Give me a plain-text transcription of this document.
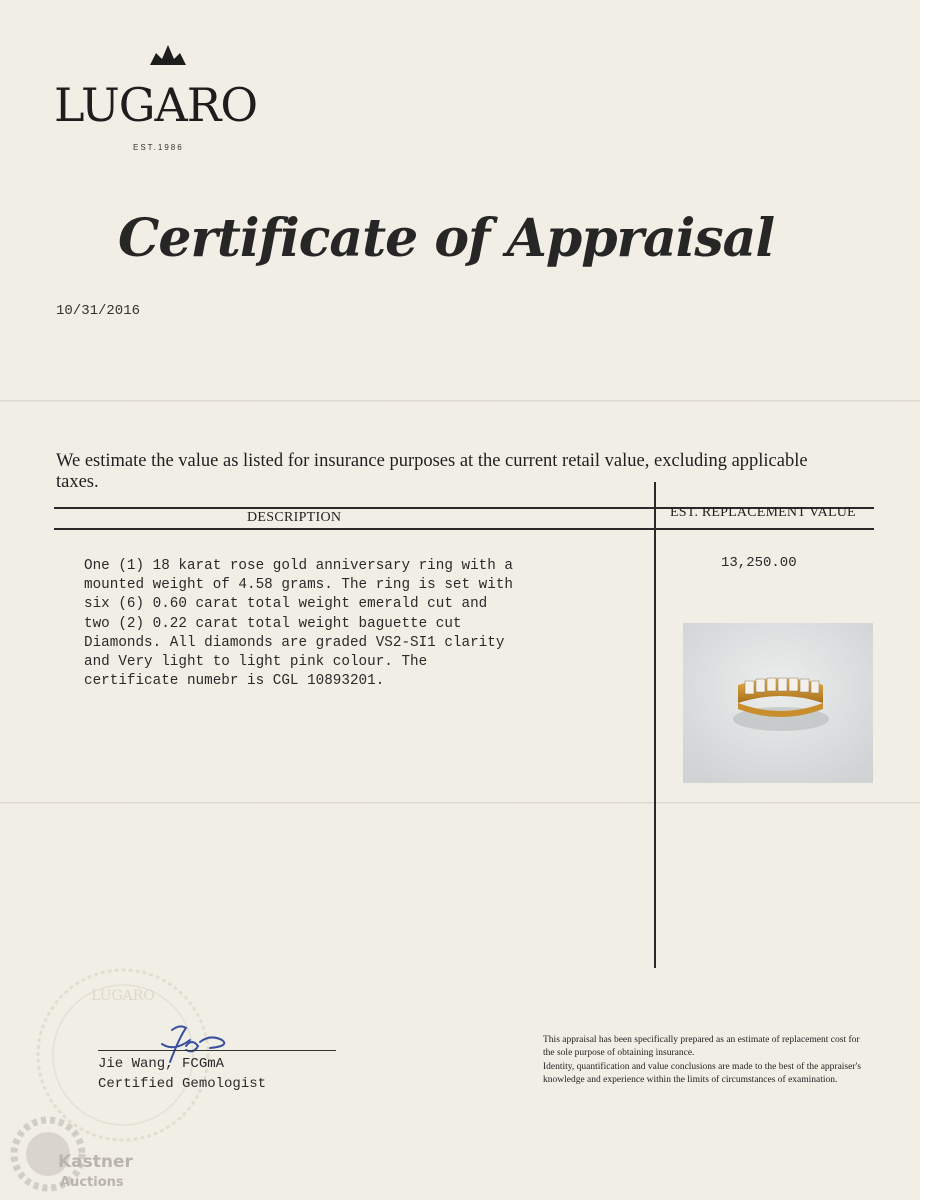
LUGARO
EST.1986
Certificate of Appraisal
10/31/2016
We estimate the value as listed for insurance purposes at the current retail value, excluding applicable taxes.
DESCRIPTION	EST. REPLACEMENT VALUE
One (1) 18 karat rose gold anniversary ring with a
mounted weight of 4.58 grams. The ring is set with
six (6) 0.60 carat total weight emerald cut and
two (2) 0.22 carat total weight baguette cut
Diamonds. All diamonds are graded VS2-SI1 clarity
and Very light to light pink colour. The
certificate numebr is CGL 10893201.
13,250.00
LUGARO
Jie Wang, FCGmA
Certified Gemologist

This appraisal has been specifically prepared as an estimate of replacement cost for the sole purpose of obtaining insurance.

Identity, quantification and value conclusions are made to the best of the appraiser's knowledge and experience within the limits of circumstances of examination.

Kastner
Auctions
